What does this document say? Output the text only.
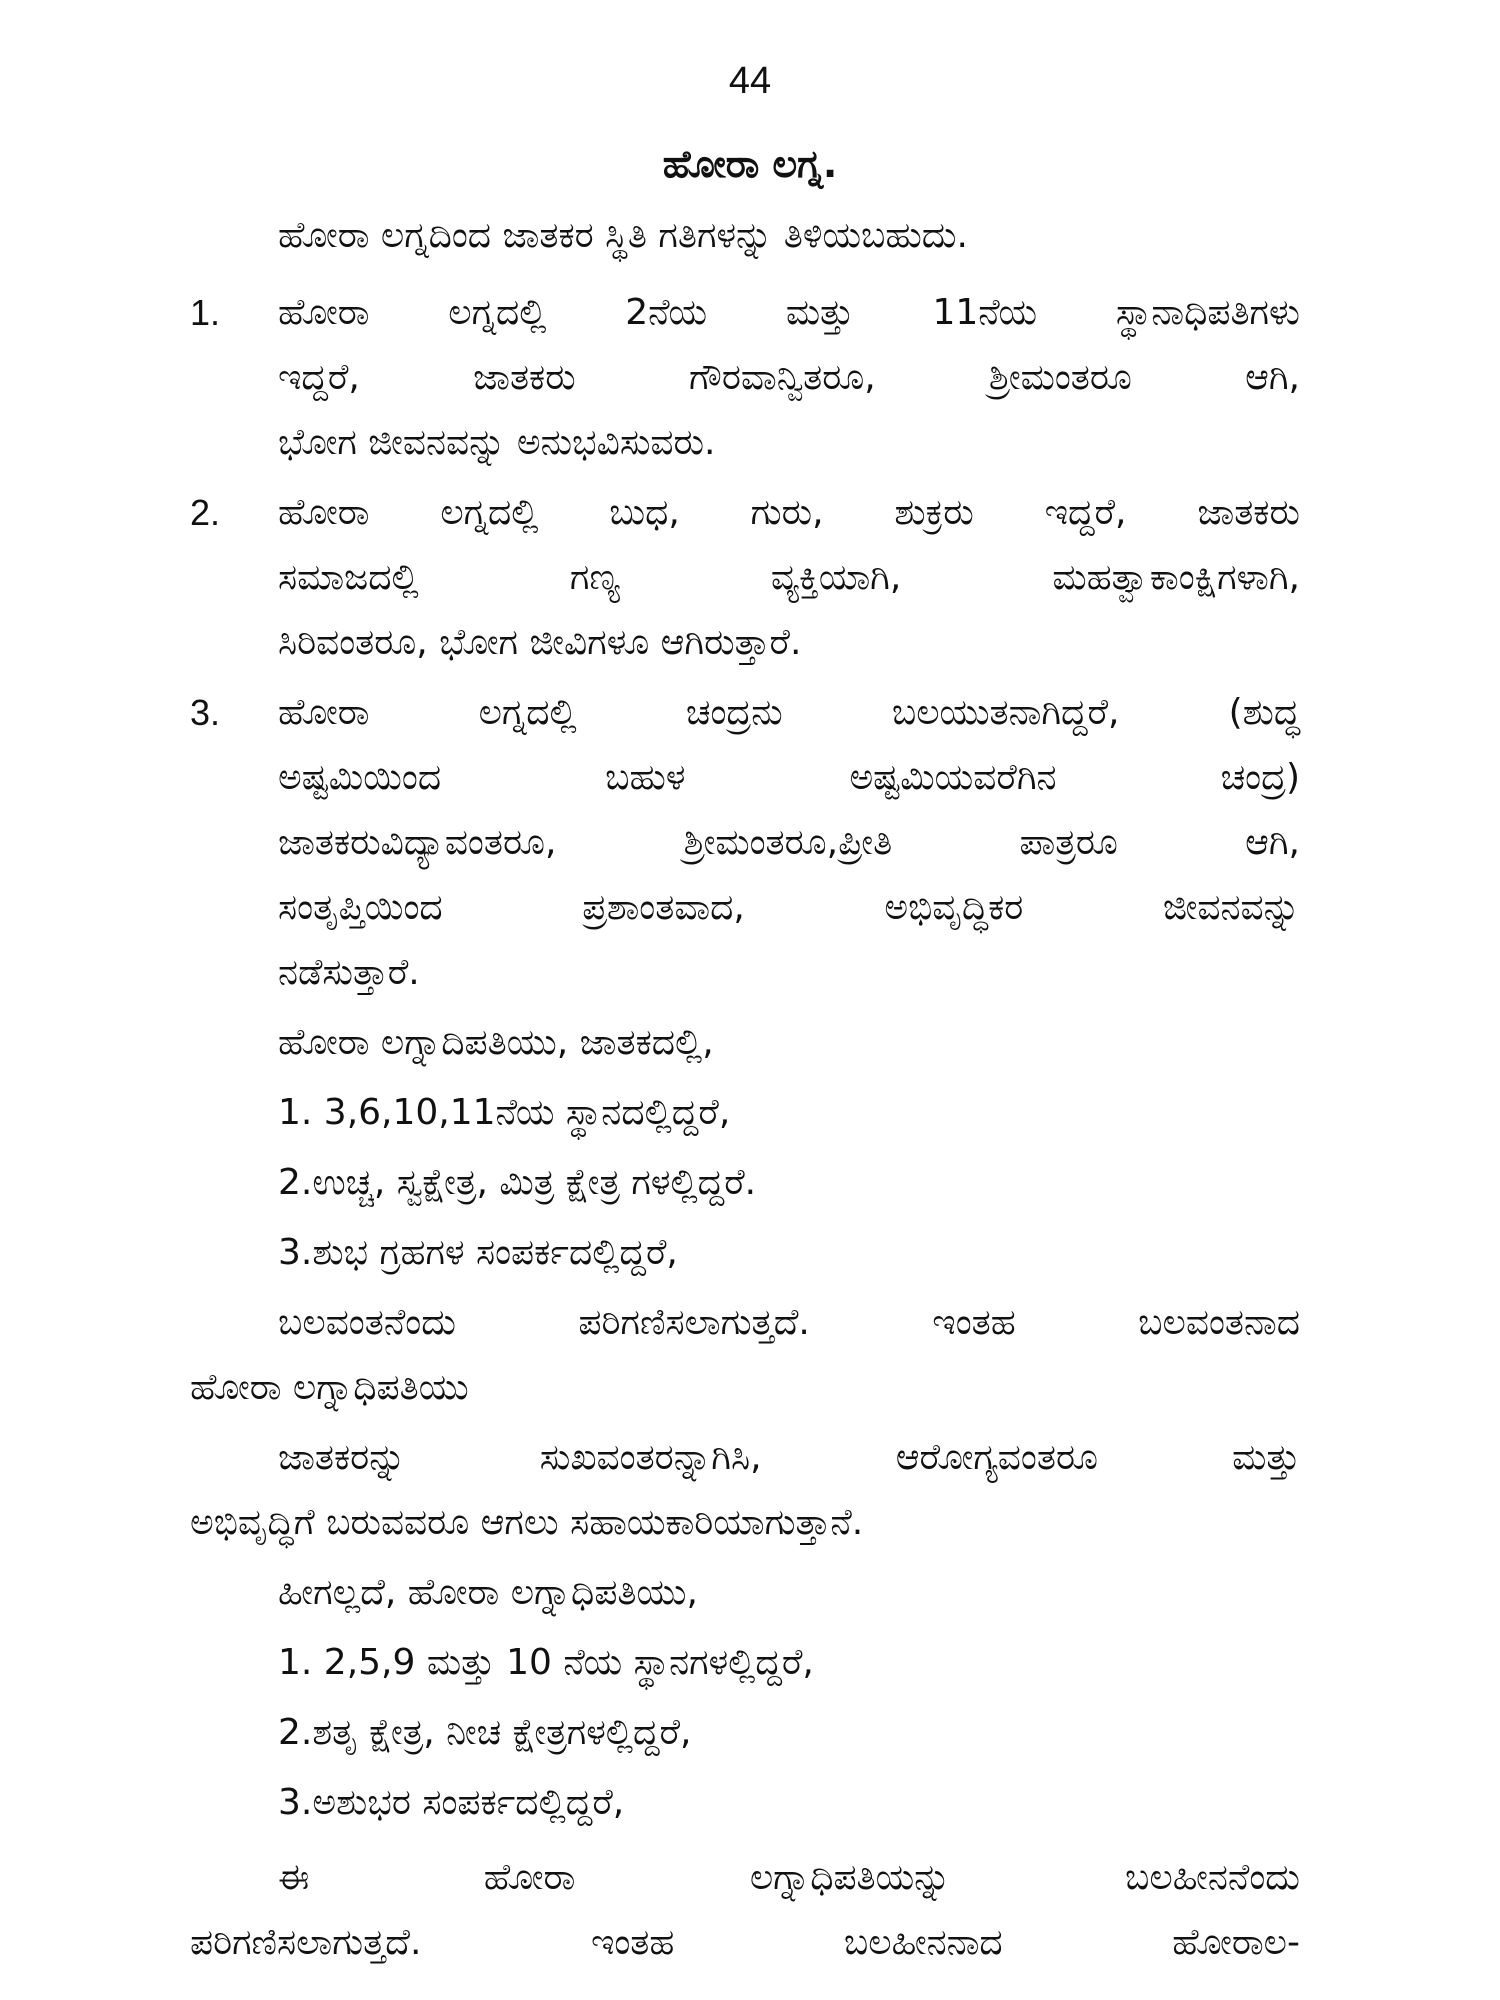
44
ಹೋರಾ ಲಗ್ನ.
ಹೋರಾ ಲಗ್ನದಿಂದ ಜಾತಕರ ಸ್ಥಿತಿ ಗತಿಗಳನ್ನು ತಿಳಿಯಬಹುದು.
1. ಹೋರಾ ಲಗ್ನದಲ್ಲಿ 2ನೆಯ ಮತ್ತು 11ನೆಯ ಸ್ಥಾನಾಧಿಪತಿಗಳು
ಇದ್ದರೆ, ಜಾತಕರು ಗೌರವಾನ್ವಿತರೂ, ಶ್ರೀಮಂತರೂ ಆಗಿ,
ಭೋಗ ಜೀವನವನ್ನು ಅನುಭವಿಸುವರು.
2. ಹೋರಾ ಲಗ್ನದಲ್ಲಿ ಬುಧ, ಗುರು, ಶುಕ್ರರು ಇದ್ದರೆ, ಜಾತಕರು
ಸಮಾಜದಲ್ಲಿ ಗಣ್ಯ ವ್ಯಕ್ತಿಯಾಗಿ, ಮಹತ್ವಾಕಾಂಕ್ಷಿಗಳಾಗಿ,
ಸಿರಿವಂತರೂ, ಭೋಗ ಜೀವಿಗಳೂ ಆಗಿರುತ್ತಾರೆ.
3. ಹೋರಾ ಲಗ್ನದಲ್ಲಿ ಚಂದ್ರನು ಬಲಯುತನಾಗಿದ್ದರೆ, (ಶುದ್ಧ
ಅಷ್ಟಮಿಯಿಂದ ಬಹುಳ ಅಷ್ಟಮಿಯವರೆಗಿನ ಚಂದ್ರ)
ಜಾತಕರುವಿದ್ಯಾವಂತರೂ, ಶ್ರೀಮಂತರೂ,ಪ್ರೀತಿ ಪಾತ್ರರೂ ಆಗಿ,
ಸಂತೃಪ್ತಿಯಿಂದ ಪ್ರಶಾಂತವಾದ, ಅಭಿವೃದ್ಧಿಕರ ಜೀವನವನ್ನು
ನಡೆಸುತ್ತಾರೆ.
ಹೋರಾ ಲಗ್ನಾದಿಪತಿಯು, ಜಾತಕದಲ್ಲಿ,
1. 3,6,10,11ನೆಯ ಸ್ಥಾನದಲ್ಲಿದ್ದರೆ,
2.ಉಚ್ಚ, ಸ್ವಕ್ಷೇತ್ರ, ಮಿತ್ರ ಕ್ಷೇತ್ರ ಗಳಲ್ಲಿದ್ದರೆ.
3.ಶುಭ ಗ್ರಹಗಳ ಸಂಪರ್ಕದಲ್ಲಿದ್ದರೆ,
ಬಲವಂತನೆಂದು ಪರಿಗಣಿಸಲಾಗುತ್ತದೆ. ಇಂತಹ ಬಲವಂತನಾದ
ಹೋರಾ ಲಗ್ನಾಧಿಪತಿಯು
ಜಾತಕರನ್ನು ಸುಖವಂತರನ್ನಾಗಿಸಿ, ಆರೋಗ್ಯವಂತರೂ ಮತ್ತು
ಅಭಿವೃದ್ಧಿಗೆ ಬರುವವರೂ ಆಗಲು ಸಹಾಯಕಾರಿಯಾಗುತ್ತಾನೆ.
ಹೀಗಲ್ಲದೆ, ಹೋರಾ ಲಗ್ನಾಧಿಪತಿಯು,
1. 2,5,9 ಮತ್ತು 10 ನೆಯ ಸ್ಥಾನಗಳಲ್ಲಿದ್ದರೆ,
2.ಶತೃ ಕ್ಷೇತ್ರ, ನೀಚ ಕ್ಷೇತ್ರಗಳಲ್ಲಿದ್ದರೆ,
3.ಅಶುಭರ ಸಂಪರ್ಕದಲ್ಲಿದ್ದರೆ,
ಈ ಹೋರಾ ಲಗ್ನಾಧಿಪತಿಯನ್ನು ಬಲಹೀನನೆಂದು
ಪರಿಗಣಿಸಲಾಗುತ್ತದೆ. ಇಂತಹ ಬಲಹೀನನಾದ ಹೋರಾಲ-
